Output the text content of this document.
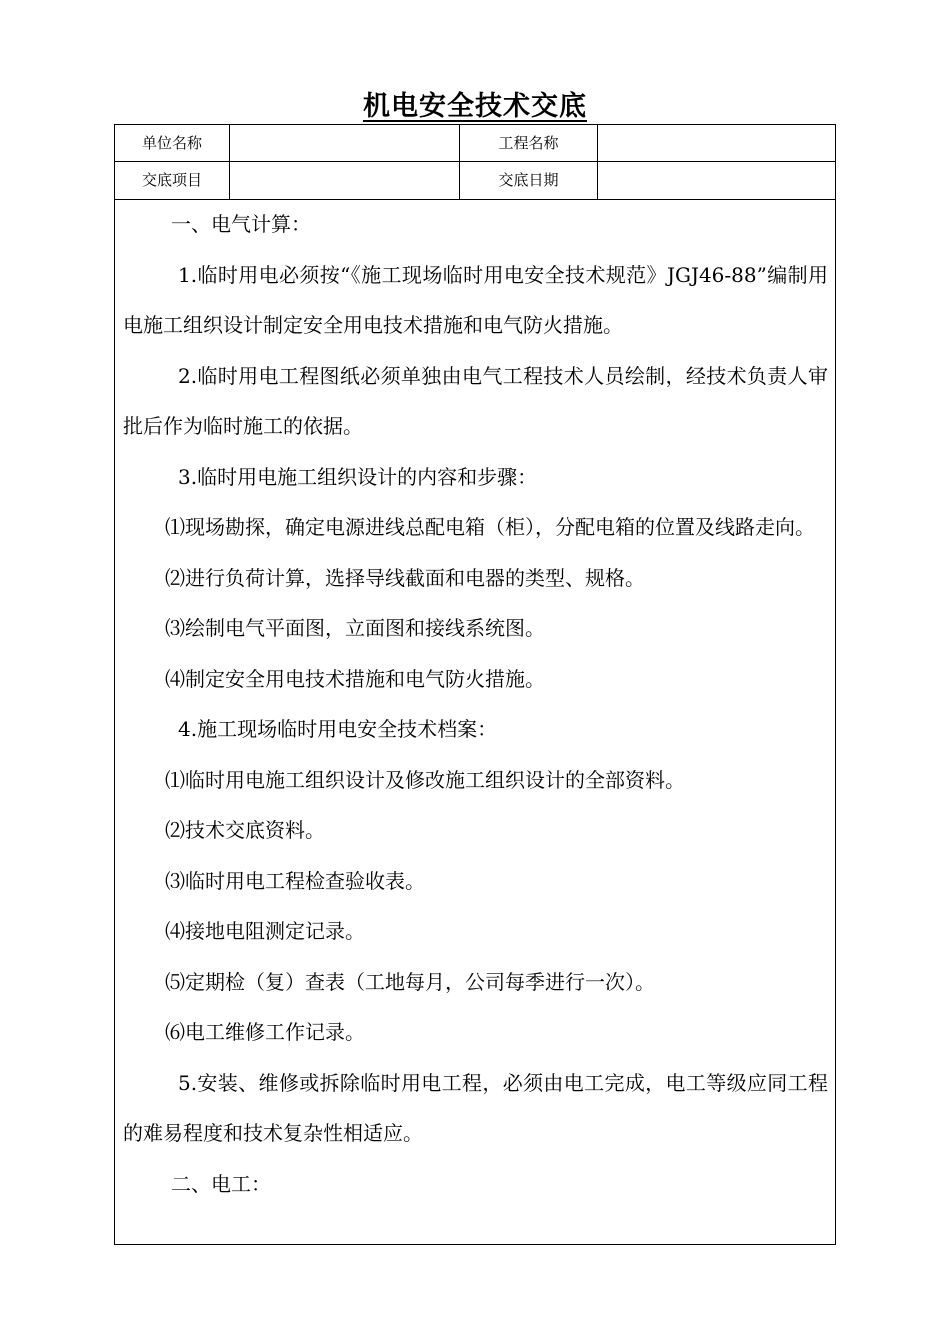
机电安全技术交底
单位名称	工程名称
交底项目	交底日期

一、电气计算：

1.临时用电必须按“《施工现场临时用电安全技术规范》JGJ46-88”编制用电施工组织设计制定安全用电技术措施和电气防火措施。

2.临时用电工程图纸必须单独由电气工程技术人员绘制，经技术负责人审批后作为临时施工的依据。

3.临时用电施工组织设计的内容和步骤：

⑴现场勘探，确定电源进线总配电箱（柜），分配电箱的位置及线路走向。

⑵进行负荷计算，选择导线截面和电器的类型、规格。

⑶绘制电气平面图，立面图和接线系统图。

⑷制定安全用电技术措施和电气防火措施。

4.施工现场临时用电安全技术档案：

⑴临时用电施工组织设计及修改施工组织设计的全部资料。

⑵技术交底资料。

⑶临时用电工程检查验收表。

⑷接地电阻测定记录。

⑸定期检（复）查表（工地每月，公司每季进行一次）。

⑹电工维修工作记录。

5.安装、维修或拆除临时用电工程，必须由电工完成，电工等级应同工程的难易程度和技术复杂性相适应。

二、电工：
